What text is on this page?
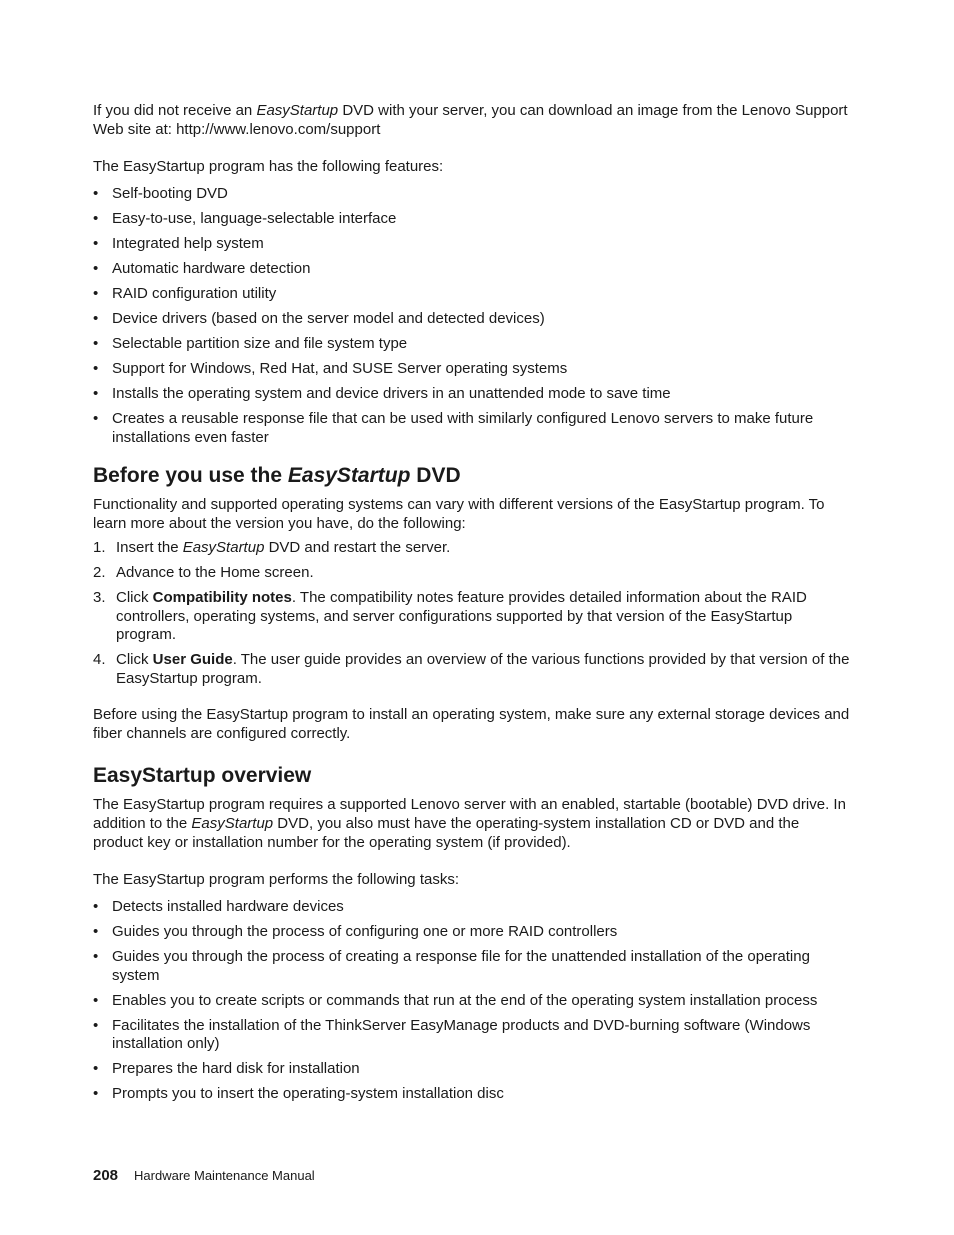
If you did not receive an EasyStartup DVD with your server, you can download an image from the Lenovo Support Web site at: http://www.lenovo.com/support

The EasyStartup program has the following features:

• Self-booting DVD
• Easy-to-use, language-selectable interface
• Integrated help system
• Automatic hardware detection
• RAID configuration utility
• Device drivers (based on the server model and detected devices)
• Selectable partition size and file system type
• Support for Windows, Red Hat, and SUSE Server operating systems
• Installs the operating system and device drivers in an unattended mode to save time
• Creates a reusable response file that can be used with similarly configured Lenovo servers to make future installations even faster
Before you use the EasyStartup DVD

Functionality and supported operating systems can vary with different versions of the EasyStartup program. To learn more about the version you have, do the following:

1. Insert the EasyStartup DVD and restart the server.
2. Advance to the Home screen.
3. Click Compatibility notes. The compatibility notes feature provides detailed information about the RAID controllers, operating systems, and server configurations supported by that version of the EasyStartup program.
4. Click User Guide. The user guide provides an overview of the various functions provided by that version of the EasyStartup program.

Before using the EasyStartup program to install an operating system, make sure any external storage devices and fiber channels are configured correctly.

EasyStartup overview

The EasyStartup program requires a supported Lenovo server with an enabled, startable (bootable) DVD drive. In addition to the EasyStartup DVD, you also must have the operating-system installation CD or DVD and the product key or installation number for the operating system (if provided).

The EasyStartup program performs the following tasks:

• Detects installed hardware devices
• Guides you through the process of configuring one or more RAID controllers
• Guides you through the process of creating a response file for the unattended installation of the operating system
• Enables you to create scripts or commands that run at the end of the operating system installation process
• Facilitates the installation of the ThinkServer EasyManage products and DVD-burning software (Windows installation only)
• Prepares the hard disk for installation
• Prompts you to insert the operating-system installation disc
208 Hardware Maintenance Manual
